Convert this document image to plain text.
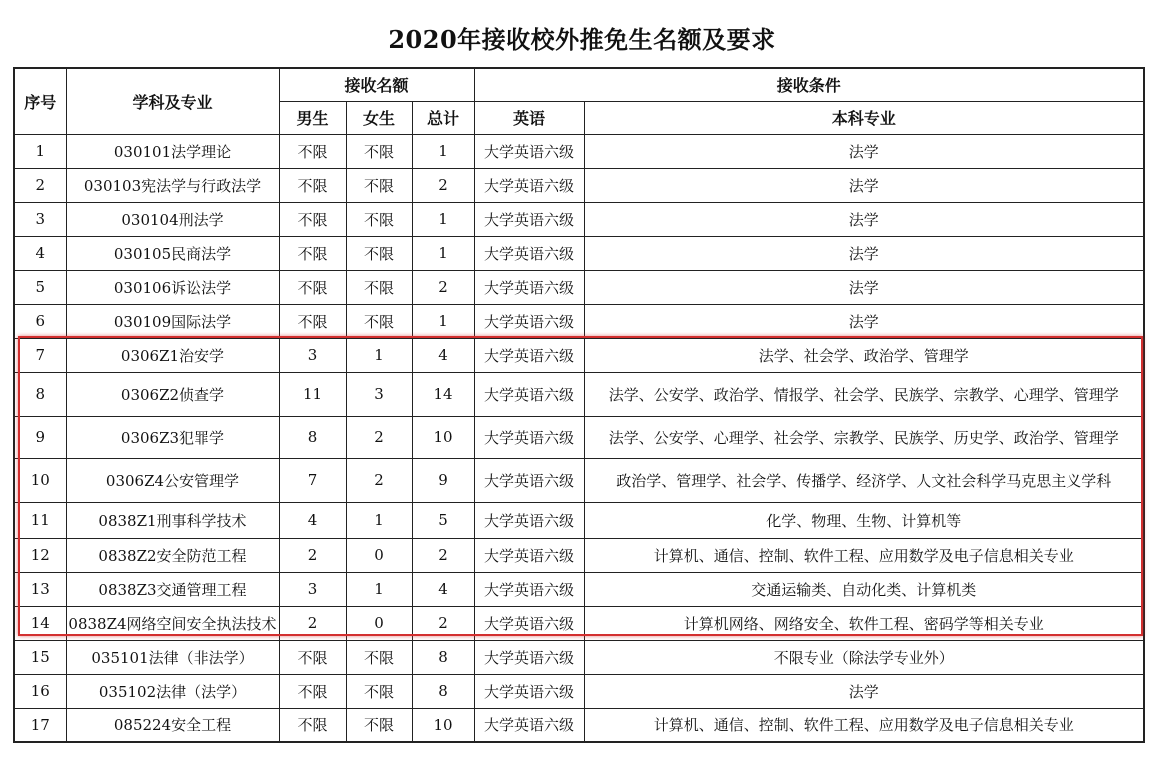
2020年接收校外推免生名额及要求
序号	学科及专业	接收名额			接收条件	
		男生	女生	总计	英语	本科专业
1	030101法学理论	不限	不限	1	大学英语六级	法学
2	030103宪法学与行政法学	不限	不限	2	大学英语六级	法学
3	030104刑法学	不限	不限	1	大学英语六级	法学
4	030105民商法学	不限	不限	1	大学英语六级	法学
5	030106诉讼法学	不限	不限	2	大学英语六级	法学
6	030109国际法学	不限	不限	1	大学英语六级	法学
7	0306Z1治安学	3	1	4	大学英语六级	法学、社会学、政治学、管理学
8	0306Z2侦查学	11	3	14	大学英语六级	法学、公安学、政治学、情报学、社会学、民族学、宗教学、心理学、管理学
9	0306Z3犯罪学	8	2	10	大学英语六级	法学、公安学、心理学、社会学、宗教学、民族学、历史学、政治学、管理学
10	0306Z4公安管理学	7	2	9	大学英语六级	政治学、管理学、社会学、传播学、经济学、人文社会科学马克思主义学科
11	0838Z1刑事科学技术	4	1	5	大学英语六级	化学、物理、生物、计算机等
12	0838Z2安全防范工程	2	0	2	大学英语六级	计算机、通信、控制、软件工程、应用数学及电子信息相关专业
13	0838Z3交通管理工程	3	1	4	大学英语六级	交通运输类、自动化类、计算机类
14	0838Z4网络空间安全执法技术	2	0	2	大学英语六级	计算机网络、网络安全、软件工程、密码学等相关专业
15	035101法律（非法学）	不限	不限	8	大学英语六级	不限专业（除法学专业外）
16	035102法律（法学）	不限	不限	8	大学英语六级	法学
17	085224安全工程	不限	不限	10	大学英语六级	计算机、通信、控制、软件工程、应用数学及电子信息相关专业
